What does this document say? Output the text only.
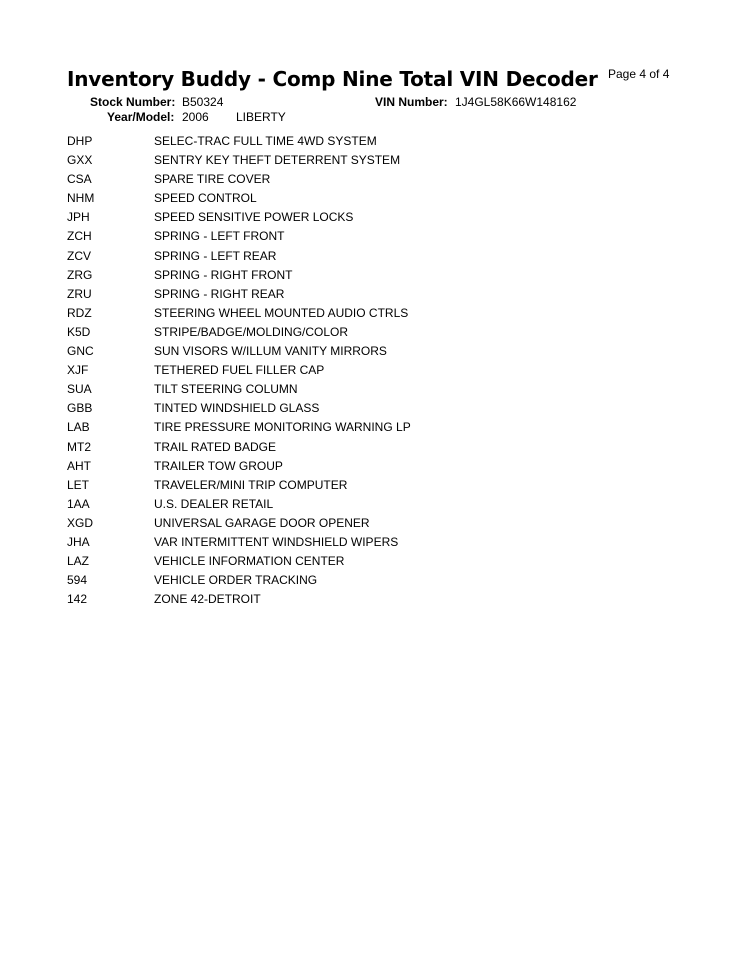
Inventory Buddy - Comp Nine Total VIN Decoder Page 4 of 4
Stock Number: B50324	VIN Number: 1J4GL58K66W148162
Year/Model: 2006 LIBERTY
DHP	SELEC-TRAC FULL TIME 4WD SYSTEM
GXX	SENTRY KEY THEFT DETERRENT SYSTEM
CSA	SPARE TIRE COVER
NHM	SPEED CONTROL
JPH	SPEED SENSITIVE POWER LOCKS
ZCH	SPRING - LEFT FRONT
ZCV	SPRING - LEFT REAR
ZRG	SPRING - RIGHT FRONT
ZRU	SPRING - RIGHT REAR
RDZ	STEERING WHEEL MOUNTED AUDIO CTRLS
K5D	STRIPE/BADGE/MOLDING/COLOR
GNC	SUN VISORS W/ILLUM VANITY MIRRORS
XJF	TETHERED FUEL FILLER CAP
SUA	TILT STEERING COLUMN
GBB	TINTED WINDSHIELD GLASS
LAB	TIRE PRESSURE MONITORING WARNING LP
MT2	TRAIL RATED BADGE
AHT	TRAILER TOW GROUP
LET	TRAVELER/MINI TRIP COMPUTER
1AA	U.S. DEALER RETAIL
XGD	UNIVERSAL GARAGE DOOR OPENER
JHA	VAR INTERMITTENT WINDSHIELD WIPERS
LAZ	VEHICLE INFORMATION CENTER
594	VEHICLE ORDER TRACKING
142	ZONE 42-DETROIT
